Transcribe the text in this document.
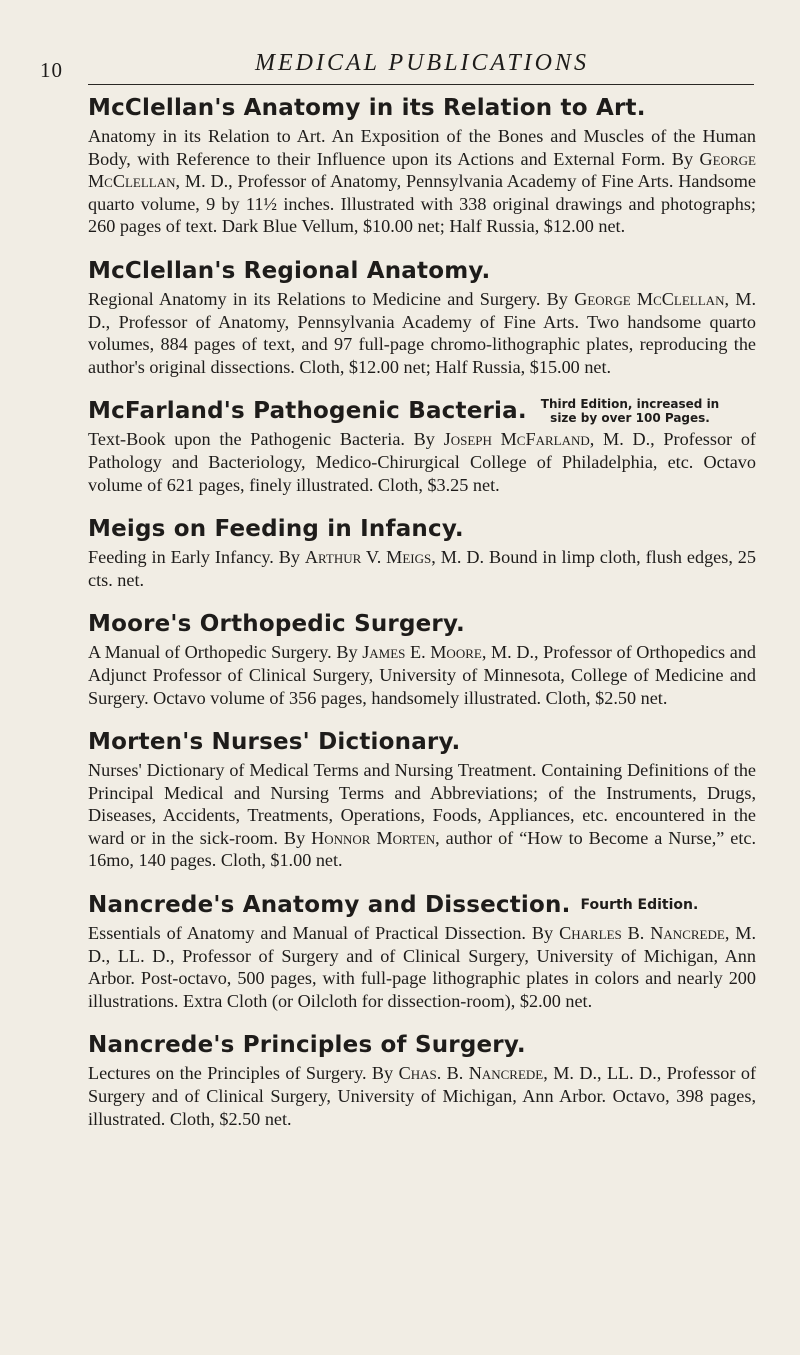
10	MEDICAL PUBLICATIONS
McClellan's Anatomy in its Relation to Art.

Anatomy in its Relation to Art. An Exposition of the Bones and Muscles of the Human Body, with Reference to their Influence upon its Actions and External Form. By George McClellan, M. D., Professor of Anatomy, Pennsylvania Academy of Fine Arts. Handsome quarto volume, 9 by 11½ inches. Illustrated with 338 original drawings and photographs; 260 pages of text. Dark Blue Vellum, $10.00 net; Half Russia, $12.00 net.

McClellan's Regional Anatomy.

Regional Anatomy in its Relations to Medicine and Surgery. By George McClellan, M. D., Professor of Anatomy, Pennsylvania Academy of Fine Arts. Two handsome quarto volumes, 884 pages of text, and 97 full-page chromo-lithographic plates, reproducing the author's original dissections. Cloth, $12.00 net; Half Russia, $15.00 net.

McFarland's Pathogenic Bacteria. Third Edition, increased in
size by over 100 Pages.

Text-Book upon the Pathogenic Bacteria. By Joseph McFarland, M. D., Professor of Pathology and Bacteriology, Medico-Chirurgical College of Philadelphia, etc. Octavo volume of 621 pages, finely illustrated. Cloth, $3.25 net.

Meigs on Feeding in Infancy.

Feeding in Early Infancy. By Arthur V. Meigs, M. D. Bound in limp cloth, flush edges, 25 cts. net.

Moore's Orthopedic Surgery.

A Manual of Orthopedic Surgery. By James E. Moore, M. D., Professor of Orthopedics and Adjunct Professor of Clinical Surgery, University of Minnesota, College of Medicine and Surgery. Octavo volume of 356 pages, handsomely illustrated. Cloth, $2.50 net.

Morten's Nurses' Dictionary.

Nurses' Dictionary of Medical Terms and Nursing Treatment. Containing Definitions of the Principal Medical and Nursing Terms and Abbreviations; of the Instruments, Drugs, Diseases, Accidents, Treatments, Operations, Foods, Appliances, etc. encountered in the ward or in the sick-room. By Honnor Morten, author of “How to Become a Nurse,” etc. 16mo, 140 pages. Cloth, $1.00 net.

Nancrede's Anatomy and Dissection. Fourth Edition.

Essentials of Anatomy and Manual of Practical Dissection. By Charles B. Nancrede, M. D., LL. D., Professor of Surgery and of Clinical Surgery, University of Michigan, Ann Arbor. Post-octavo, 500 pages, with full-page lithographic plates in colors and nearly 200 illustrations. Extra Cloth (or Oilcloth for dissection-room), $2.00 net.

Nancrede's Principles of Surgery.

Lectures on the Principles of Surgery. By Chas. B. Nancrede, M. D., LL. D., Professor of Surgery and of Clinical Surgery, University of Michigan, Ann Arbor. Octavo, 398 pages, illustrated. Cloth, $2.50 net.
